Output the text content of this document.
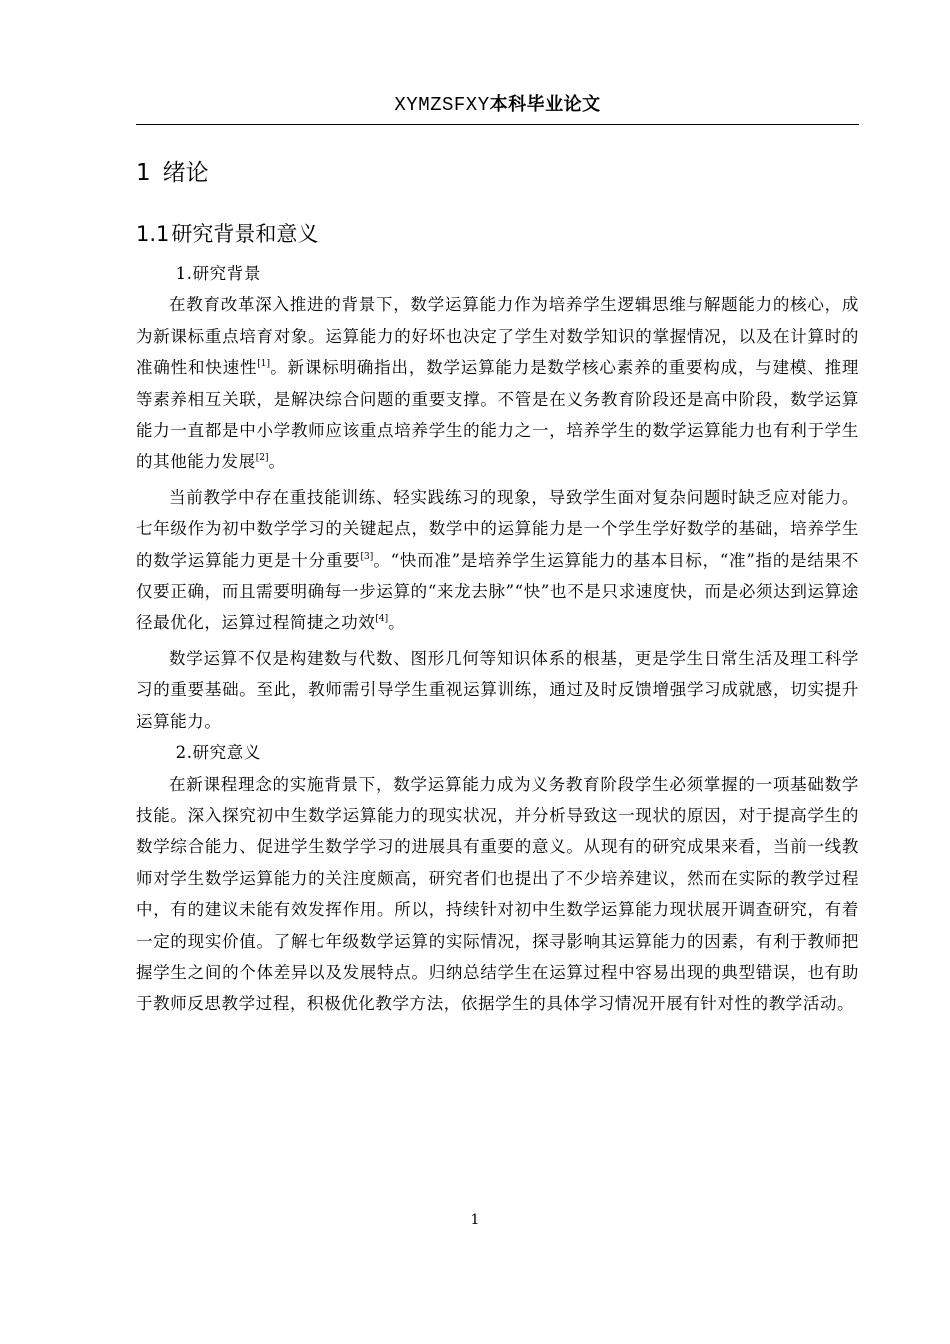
XYMZSFXY本科毕业论文
1 绪论
1.1研究背景和意义

1.研究背景

在教育改革深入推进的背景下，数学运算能力作为培养学生逻辑思维与解题能力的核心，成为新课标重点培育对象。运算能力的好坏也决定了学生对数学知识的掌握情况，以及在计算时的准确性和快速性[1]。新课标明确指出，数学运算能力是数学核心素养的重要构成，与建模、推理等素养相互关联，是解决综合问题的重要支撑。不管是在义务教育阶段还是高中阶段，数学运算能力一直都是中小学教师应该重点培养学生的能力之一，培养学生的数学运算能力也有利于学生的其他能力发展[2]。

当前教学中存在重技能训练、轻实践练习的现象，导致学生面对复杂问题时缺乏应对能力。七年级作为初中数学学习的关键起点，数学中的运算能力是一个学生学好数学的基础，培养学生的数学运算能力更是十分重要[3]。“快而准”是培养学生运算能力的基本目标，“准”指的是结果不仅要正确，而且需要明确每一步运算的“来龙去脉”“快”也不是只求速度快，而是必须达到运算途径最优化，运算过程简捷之功效[4]。

数学运算不仅是构建数与代数、图形几何等知识体系的根基，更是学生日常生活及理工科学习的重要基础。至此，教师需引导学生重视运算训练，通过及时反馈增强学习成就感，切实提升运算能力。

2.研究意义

在新课程理念的实施背景下，数学运算能力成为义务教育阶段学生必须掌握的一项基础数学技能。深入探究初中生数学运算能力的现实状况，并分析导致这一现状的原因，对于提高学生的数学综合能力、促进学生数学学习的进展具有重要的意义。从现有的研究成果来看，当前一线教师对学生数学运算能力的关注度颇高，研究者们也提出了不少培养建议，然而在实际的教学过程中，有的建议未能有效发挥作用。所以，持续针对初中生数学运算能力现状展开调查研究，有着一定的现实价值。了解七年级数学运算的实际情况，探寻影响其运算能力的因素，有利于教师把握学生之间的个体差异以及发展特点。归纳总结学生在运算过程中容易出现的典型错误，也有助于教师反思教学过程，积极优化教学方法，依据学生的具体学习情况开展有针对性的教学活动。

1
